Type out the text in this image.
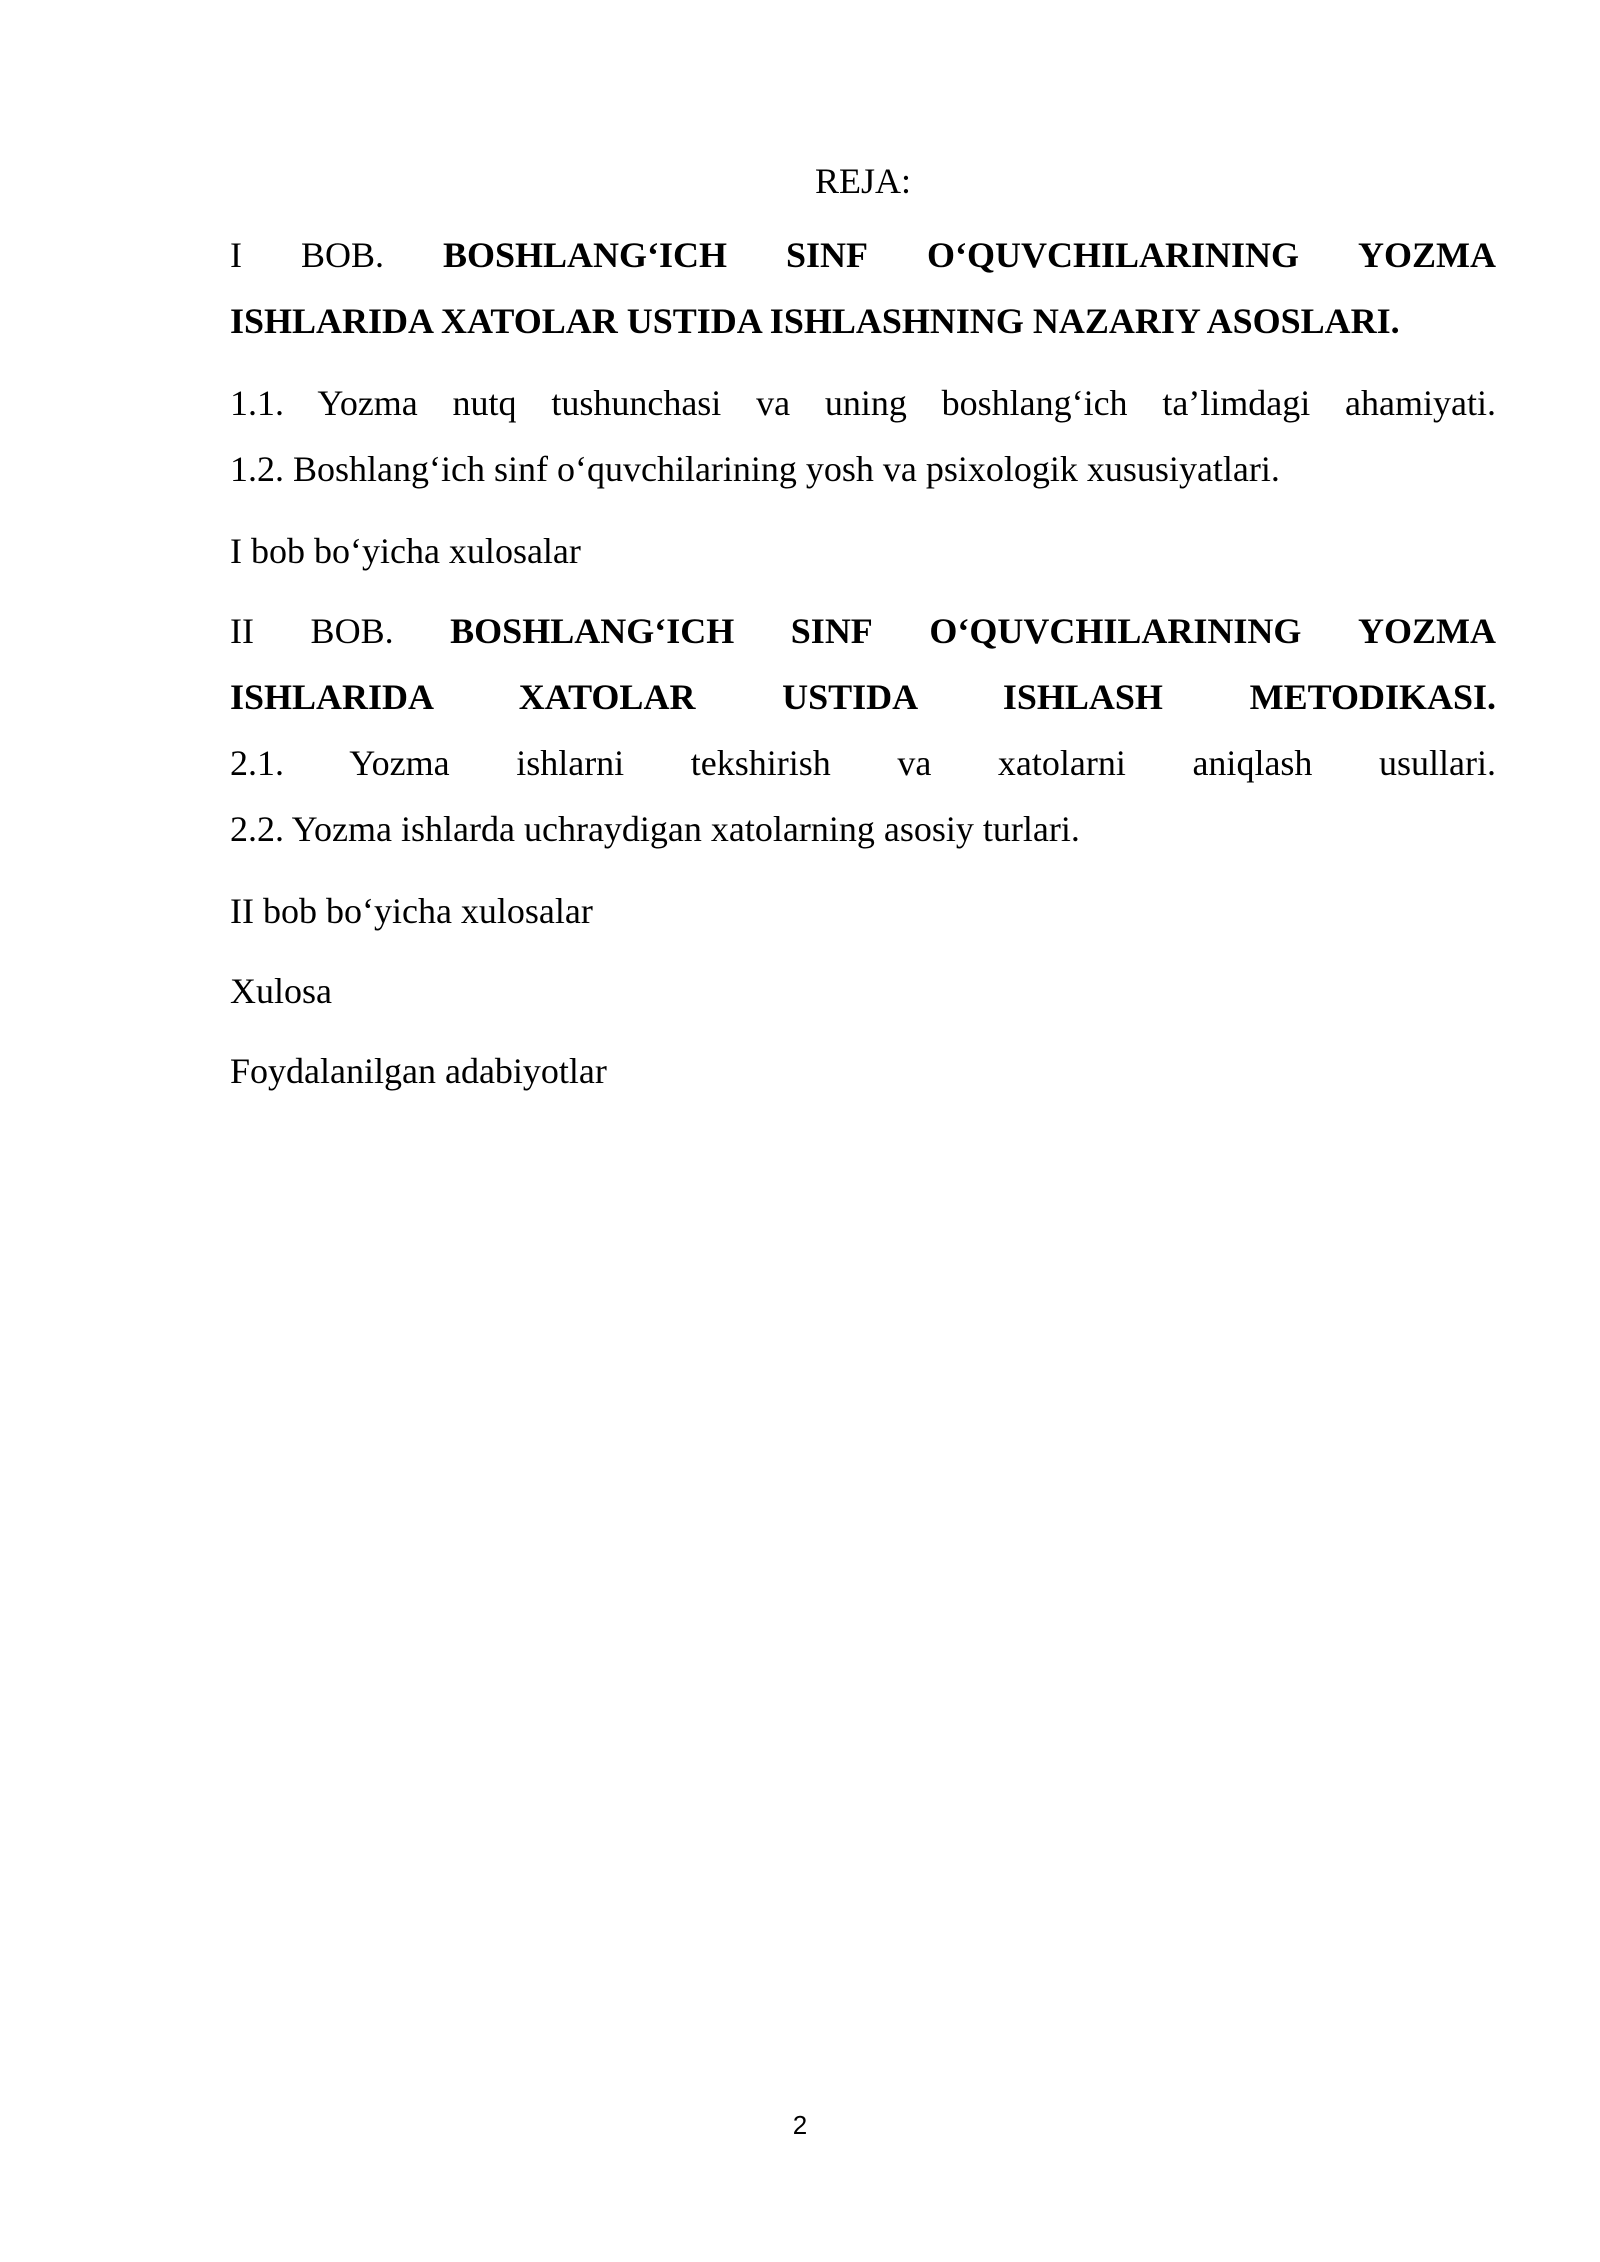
REJA:
I BOB. BOSHLANG‘ICH SINF O‘QUVCHILARINING YOZMA
ISHLARIDA XATOLAR USTIDA ISHLASHNING NAZARIY ASOSLARI.
1.1. Yozma nutq tushunchasi va uning boshlang‘ich ta’limdagi ahamiyati.
1.2. Boshlang‘ich sinf o‘quvchilarining yosh va psixologik xususiyatlari.
I bob bo‘yicha xulosalar
II BOB. BOSHLANG‘ICH SINF O‘QUVCHILARINING YOZMA
ISHLARIDA XATOLAR USTIDA ISHLASH METODIKASI.
2.1. Yozma ishlarni tekshirish va xatolarni aniqlash usullari.
2.2. Yozma ishlarda uchraydigan xatolarning asosiy turlari.
II bob bo‘yicha xulosalar
Xulosa
Foydalanilgan adabiyotlar
2
